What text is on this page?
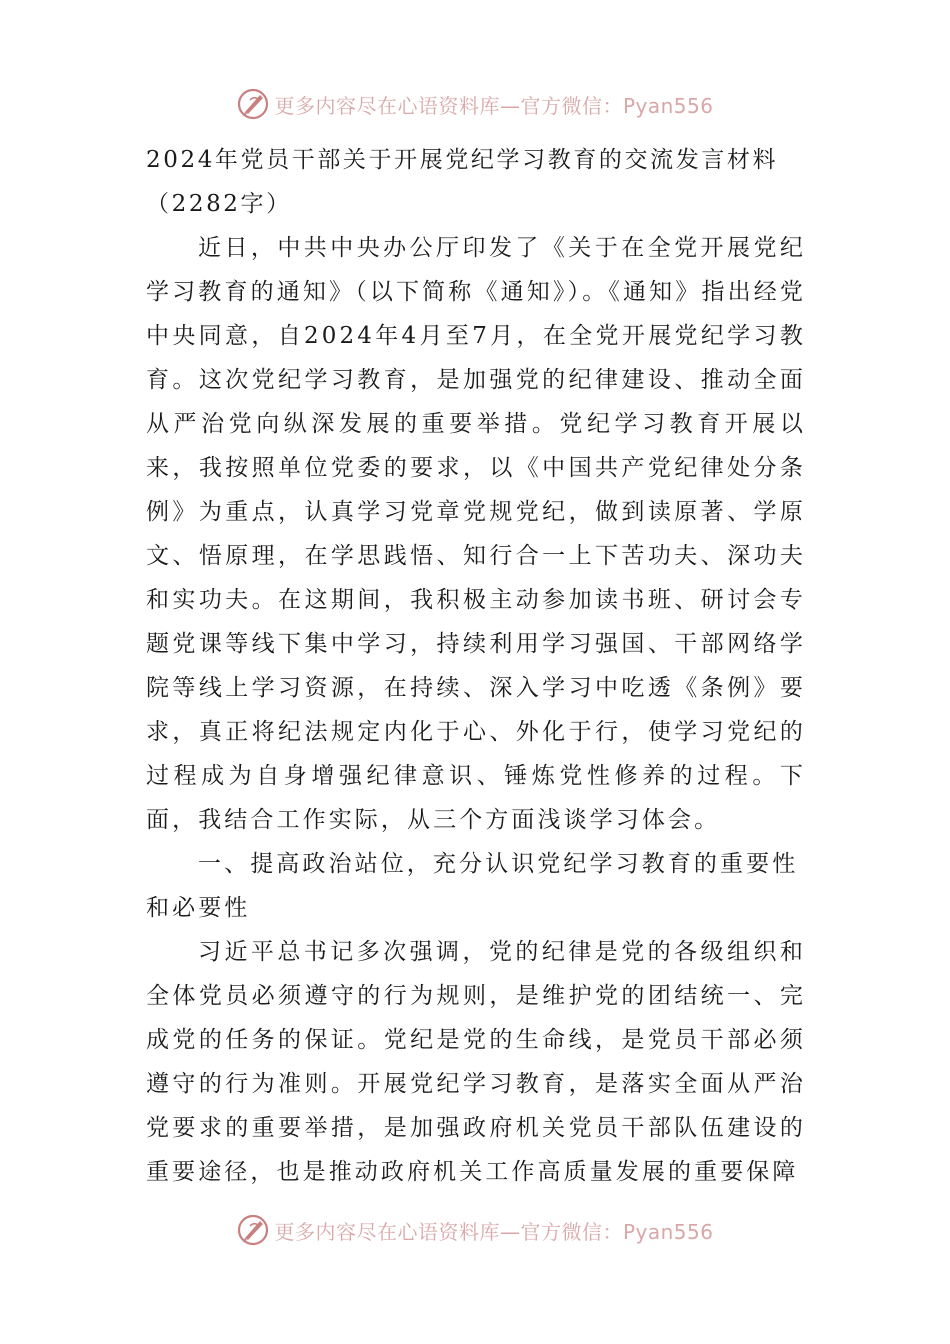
更多内容尽在心语资料库—官方微信：Pyan556
2024年党员干部关于开展党纪学习教育的交流发言材料（2282字）

近日，中共中央办公厅印发了《关于在全党开展党纪学习教育的通知》（以下简称《通知》）。《通知》指出经党中央同意，自2024年4月至7月，在全党开展党纪学习教育。这次党纪学习教育，是加强党的纪律建设、推动全面从严治党向纵深发展的重要举措。党纪学习教育开展以来，我按照单位党委的要求，以《中国共产党纪律处分条例》为重点，认真学习党章党规党纪，做到读原著、学原文、悟原理，在学思践悟、知行合一上下苦功夫、深功夫和实功夫。在这期间，我积极主动参加读书班、研讨会专题党课等线下集中学习，持续利用学习强国、干部网络学院等线上学习资源，在持续、深入学习中吃透《条例》要求，真正将纪法规定内化于心、外化于行，使学习党纪的过程成为自身增强纪律意识、锤炼党性修养的过程。下面，我结合工作实际，从三个方面浅谈学习体会。

一、提高政治站位，充分认识党纪学习教育的重要性和必要性

习近平总书记多次强调，党的纪律是党的各级组织和全体党员必须遵守的行为规则，是维护党的团结统一、完成党的任务的保证。党纪是党的生命线，是党员干部必须遵守的行为准则。开展党纪学习教育，是落实全面从严治党要求的重要举措，是加强政府机关党员干部队伍建设的重要途径，也是推动政府机关工作高质量发展的重要保障

更多内容尽在心语资料库—官方微信：Pyan556
